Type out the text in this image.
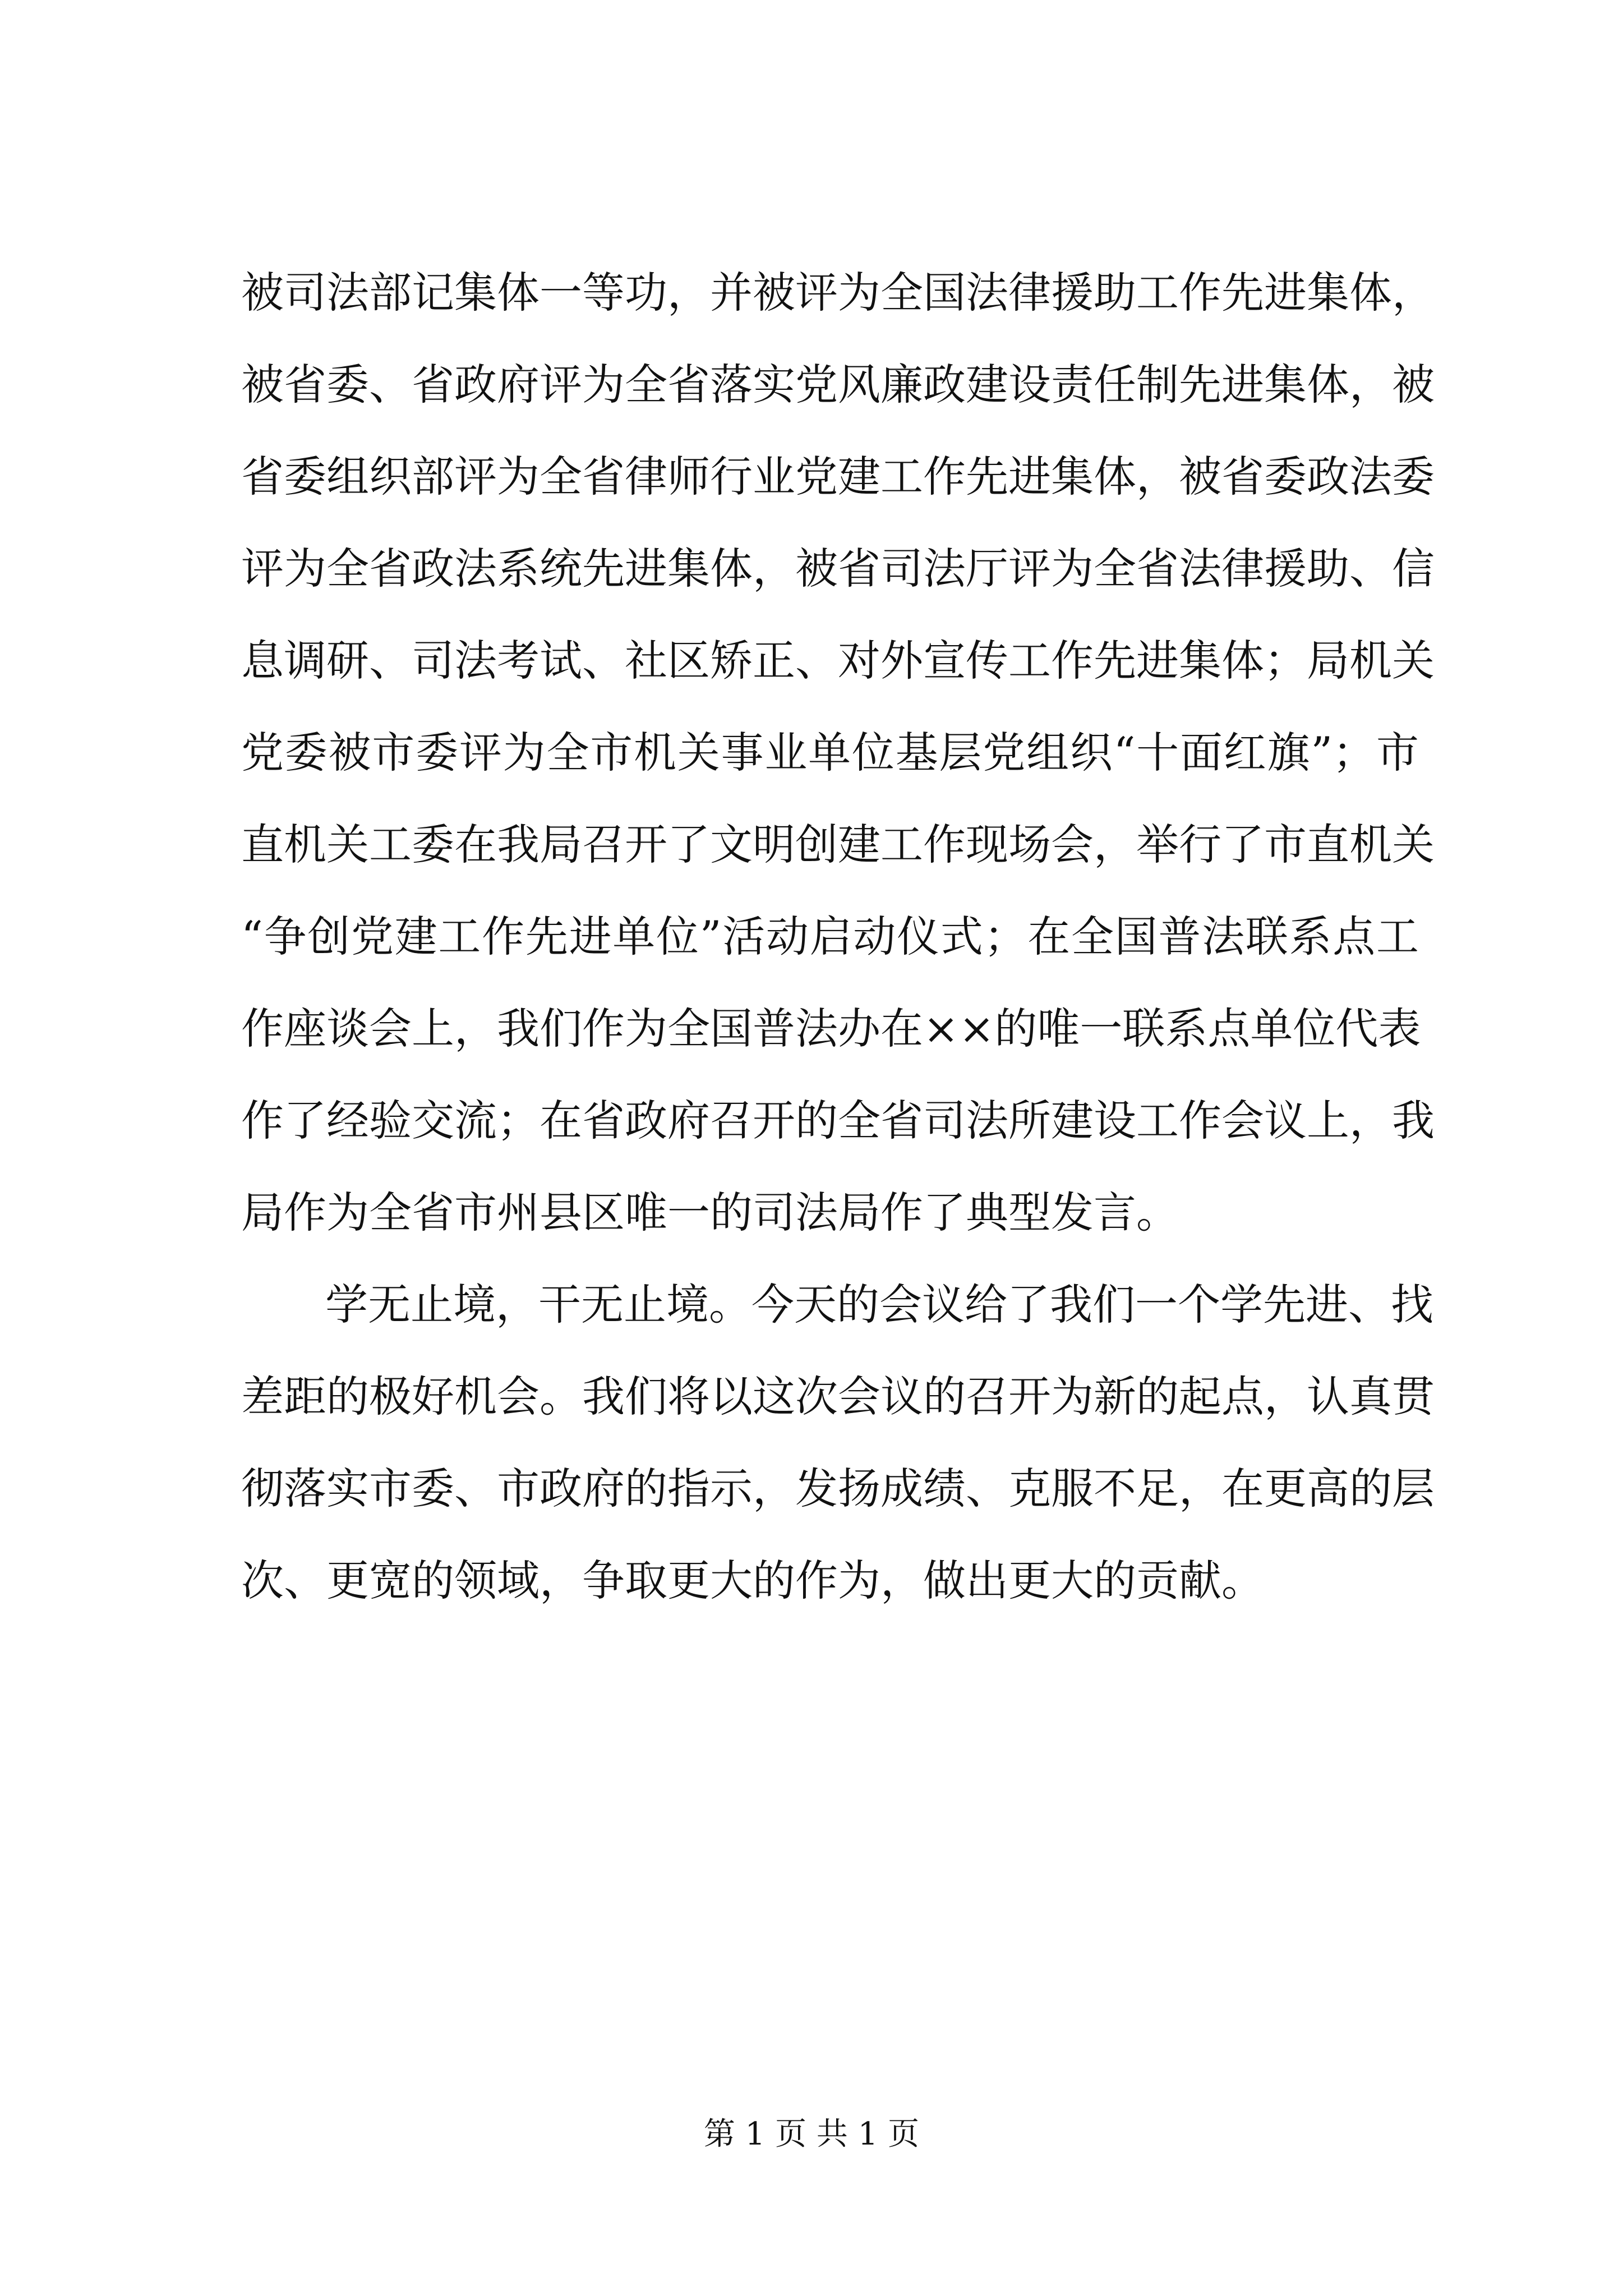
被司法部记集体一等功，并被评为全国法律援助工作先进集体，
被省委、省政府评为全省落实党风廉政建设责任制先进集体，被
省委组织部评为全省律师行业党建工作先进集体，被省委政法委
评为全省政法系统先进集体，被省司法厅评为全省法律援助、信
息调研、司法考试、社区矫正、对外宣传工作先进集体；局机关
党委被市委评为全市机关事业单位基层党组织“十面红旗”；市
直机关工委在我局召开了文明创建工作现场会，举行了市直机关
“争创党建工作先进单位”活动启动仪式；在全国普法联系点工
作座谈会上，我们作为全国普法办在××的唯一联系点单位代表
作了经验交流；在省政府召开的全省司法所建设工作会议上，我
局作为全省市州县区唯一的司法局作了典型发言。
学无止境，干无止境。今天的会议给了我们一个学先进、找
差距的极好机会。我们将以这次会议的召开为新的起点，认真贯
彻落实市委、市政府的指示，发扬成绩、克服不足，在更高的层
次、更宽的领域，争取更大的作为，做出更大的贡献。
第 1 页 共 1 页
